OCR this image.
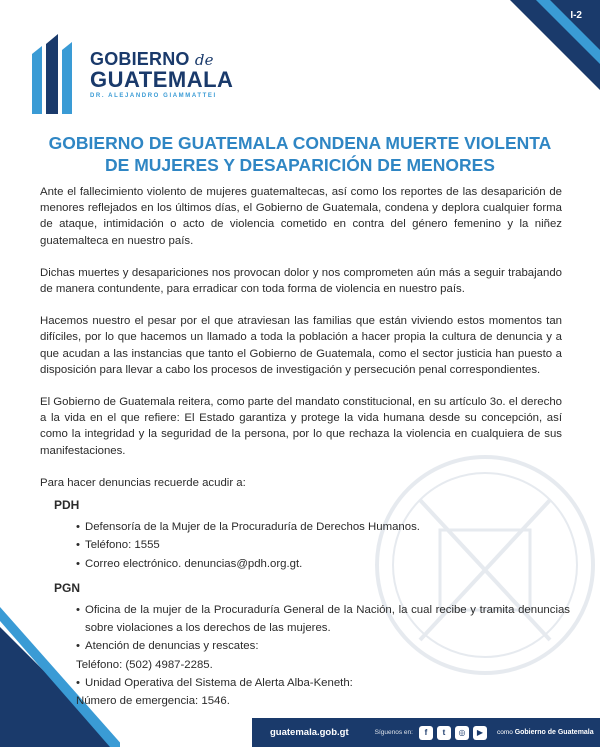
I-2
GOBIERNO de
GUATEMALA
DR. ALEJANDRO GIAMMATTEI
GOBIERNO DE GUATEMALA CONDENA MUERTE VIOLENTA
DE MUJERES Y DESAPARICIÓN DE MENORES

Ante el fallecimiento violento de mujeres guatemaltecas, así como los reportes de las desaparición de menores reflejados en los últimos días, el Gobierno de Guatemala, condena y deplora cualquier forma de ataque, intimidación o acto de violencia cometido en contra del género femenino y la niñez guatemalteca en nuestro país.

Dichas muertes y desapariciones nos provocan dolor y nos comprometen aún más a seguir trabajando de manera contundente, para erradicar con toda forma de violencia en nuestro país.

Hacemos nuestro el pesar por el que atraviesan las familias que están viviendo estos momentos tan difíciles, por lo que hacemos un llamado a toda la población a hacer propia la cultura de denuncia y a que acudan a las instancias que tanto el Gobierno de Guatemala, como el sector justicia han puesto a disposición para llevar a cabo los procesos de investigación y persecución penal correspondientes.

El Gobierno de Guatemala reitera, como parte del mandato constitucional, en su artículo 3o. el derecho a la vida en el que refiere: El Estado garantiza y protege la vida humana desde su concepción, así como la integridad y la seguridad de la persona, por lo que rechaza la violencia en cualquiera de sus manifestaciones.

Para hacer denuncias recuerde acudir a:

PDH
• Defensoría de la Mujer de la Procuraduría de Derechos Humanos.
• Teléfono: 1555
• Correo electrónico. denuncias@pdh.org.gt.
PGN
• Oficina de la mujer de la Procuraduría General de la Nación, la cual recibe y tramita denuncias sobre violaciones a los derechos de las mujeres.
• Atención de denuncias y rescates:
Teléfono: (502) 4987-2285.
• Unidad Operativa del Sistema de Alerta Alba-Keneth:
Número de emergencia: 1546.
guatemala.gob.gt	Síguenos en:	f	t	◎	▶	como Gobierno de Guatemala
